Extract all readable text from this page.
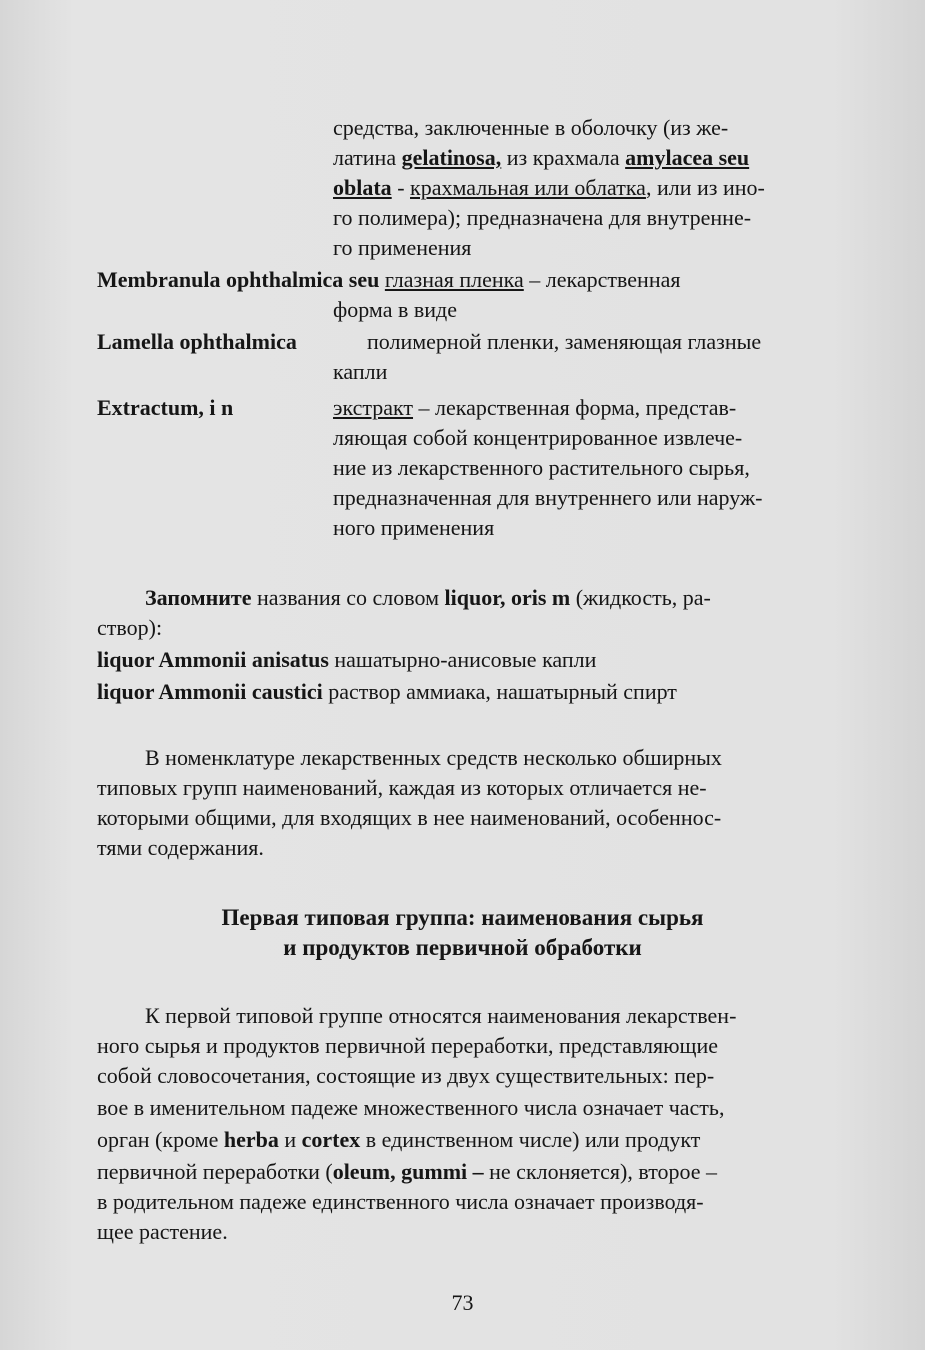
средства, заключенные в оболочку (из же-
латина gelatinosa, из крахмала amylacea seu
oblata - крахмальная или облатка, или из ино-
го полимера); предназначена для внутренне-
го применения
Membranula ophthalmica seu глазная пленка – лекарственная
форма в виде
Lamella ophthalmica	полимерной пленки, заменяющая глазные
капли
Extractum, i n	экстракт – лекарственная форма, представ-
ляющая собой концентрированное извлече-
ние из лекарственного растительного сырья,
предназначенная для внутреннего или наруж-
ного применения
Запомните названия со словом liquor, oris m (жидкость, ра-
створ):
liquor Ammonii anisatus нашатырно-анисовые капли
liquor Ammonii caustici раствор аммиака, нашатырный спирт
В номенклатуре лекарственных средств несколько обширных
типовых групп наименований, каждая из которых отличается не-
которыми общими, для входящих в нее наименований, особеннос-
тями содержания.
Первая типовая группа: наименования сырья
и продуктов первичной обработки
К первой типовой группе относятся наименования лекарствен-
ного сырья и продуктов первичной переработки, представляющие
собой словосочетания, состоящие из двух существительных: пер-
вое в именительном падеже множественного числа означает часть,
орган (кроме herba и cortex в единственном числе) или продукт
первичной переработки (oleum, gummi – не склоняется), второе –
в родительном падеже единственного числа означает производя-
щее растение.
73
